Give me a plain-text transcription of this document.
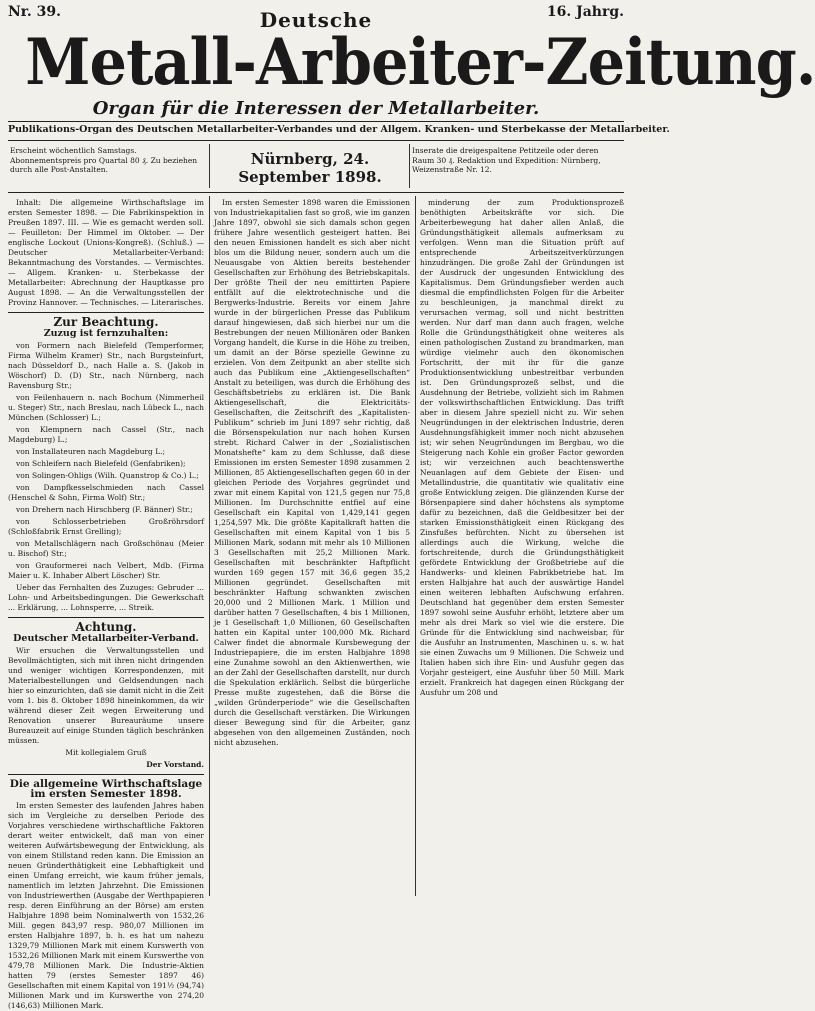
Nr. 39.	Deutsche	16. Jahrg.
Metall-Arbeiter-Zeitung.
Organ für die Interessen der Metallarbeiter.
Publikations-Organ des Deutschen Metallarbeiter-Verbandes und der Allgem. Kranken- und Sterbekasse der Metallarbeiter.
Erscheint wöchentlich Samstags. Abonnementspreis pro Quartal 80 ₰. Zu beziehen durch alle Post-Anstalten.
Nürnberg, 24. September 1898.
Inserate die dreigespaltene Petitzeile oder deren Raum 30 ₰. Redaktion und Expedition: Nürnberg, Weizenstraße Nr. 12.

Inhalt: Die allgemeine Wirthschaftslage im ersten Semester 1898. — Die Fabrikinspektion in Preußen 1897. III. — Wie es gemacht werden soll. — Feuilleton: Der Himmel im Oktober. — Der englische Lockout (Unions-Kongreß). (Schluß.) — Deutscher Metallarbeiter-Verband: Bekanntmachung des Vorstandes. — Vermischtes. — Allgem. Kranken- u. Sterbekasse der Metallarbeiter: Abrechnung der Hauptkasse pro August 1898. — An die Verwaltungsstellen der Provinz Hannover. — Technisches. — Literarisches.

Zur Beachtung.
Zuzug ist fernzuhalten:

von Formern nach Bielefeld (Temperformer, Firma Wilhelm Kramer) Str., nach Burgsteinfurt, nach Düsseldorf D., nach Halle a. S. (Jakob in Wöschorf) D. (D) Str., nach Nürnberg, nach Ravensburg Str.;

von Feilenhauern n. nach Bochum (Nimmerheil u. Steger) Str., nach Breslau, nach Lübeck L., nach München (Schlosser) L.;

von Klempnern nach Cassel (Str., nach Magdeburg) L.;

von Installateuren nach Magdeburg L.;

von Schleifern nach Bielefeld (Genfabriken);

von Solingen-Ohligs (Wilh. Quanstrop & Co.) L.;

von Dampfkesselschmieden nach Cassel (Henschel & Sohn, Firma Wolf) Str.;

von Drehern nach Hirschberg (F. Bänner) Str.;

von Schlosserbetrieben Großröhrsdorf (Schloßfabrik Ernst Grelling);

von Metallschlägern nach Großschönau (Meier u. Bischof) Str.;

von Grauformerei nach Velbert, Mdb. (Firma Maier u. K. Inhaber Albert Löscher) Str.

Ueber das Fernhalten des Zuzuges: Gebruder ... Lohn- und Arbeitsbedingungen. Die Gewerkschaft ... Erklärung, ... Lohnsperre, ... Streik.

Achtung.
Deutscher Metallarbeiter-Verband.

Wir ersuchen die Verwaltungsstellen und Bevollmächtigten, sich mit ihren nicht dringenden und weniger wichtigen Korrespondenzen, mit Materialbestellungen und Geldsendungen nach hier so einzurichten, daß sie damit nicht in die Zeit vom 1. bis 8. Oktober 1898 hineinkommen, da wir während dieser Zeit wegen Erweiterung und Renovation unserer Bureauräume unsere Bureauzeit auf einige Stunden täglich beschränken müssen.

Mit kollegialem Gruß

Der Vorstand.
Die allgemeine Wirthschaftslage im ersten Semester 1898.

Im ersten Semester des laufenden Jahres haben sich im Vergleiche zu derselben Periode des Vorjahres verschiedene wirthschaftliche Faktoren derart weiter entwickelt, daß man von einer weiteren Aufwärtsbewegung der Entwicklung, als von einem Stillstand reden kann. Die Emission an neuen Gründerthätigkeit eine Lebhaftigkeit und einen Umfang erreicht, wie kaum früher jemals, namentlich im letzten Jahrzehnt. Die Emissionen von Industriewerthen (Ausgabe der Werthpapieren resp. deren Einführung an der Börse) am ersten Halbjahre 1898 beim Nominalwerth von 1532,26 Mill. gegen 843,97 resp. 980,07 Millionen im ersten Halbjahre 1897, b. h. es hat um nahezu 1329,79 Millionen Mark mit einem Kurswerth von 1532,26 Millionen Mark mit einem Kurswerthe von 479,78 Millionen Mark. Die Industrie-Aktien hatten 79 (erstes Semester 1897 46) Gesellschaften mit einem Kapital von 191½ (94,74) Millionen Mark und im Kurswerthe von 274,20 (146,63) Millionen Mark.

Im ersten Semester 1898 waren die Emissionen von Industriekapitalien fast so groß, wie im ganzen Jahre 1897, obwohl sie sich damals schon gegen frühere Jahre wesentlich gesteigert hatten. Bei den neuen Emissionen handelt es sich aber nicht blos um die Bildung neuer, sondern auch um die Neuausgabe von Aktien bereits bestehender Gesellschaften zur Erhöhung des Betriebskapitals. Der größte Theil der neu emittirten Papiere entfällt auf die elektrotechnische und die Bergwerks-Industrie. Bereits vor einem Jahre wurde in der bürgerlichen Presse das Publikum darauf hingewiesen, daß sich hierbei nur um die Bestrebungen der neuen Millionären oder Banken Vorgang handelt, die Kurse in die Höhe zu treiben, um damit an der Börse spezielle Gewinne zu erzielen. Von dem Zeitpunkt an aber stellte sich auch das Publikum eine „Aktiengesellschaften“ Anstalt zu beteiligen, was durch die Erhöhung des Geschäftsbetriebs zu erklären ist. Die Bank Aktiengesellschaft, die Elektricitäts-Gesellschaften, die Zeitschrift des „Kapitalisten-Publikum“ schrieb im Juni 1897 sehr richtig, daß die Börsenspekulation nur nach hohen Kursen strebt. Richard Calwer in der „Sozialistischen Monatshefte“ kam zu dem Schlusse, daß diese Emissionen im ersten Semester 1898 zusammen 2 Millionen, 85 Aktiengesellschaften gegen 60 in der gleichen Periode des Vorjahres gegründet und zwar mit einem Kapital von 121,5 gegen nur 75,8 Millionen. Im Durchschnitte entfiel auf eine Gesellschaft ein Kapital von 1,429,141 gegen 1,254,597 Mk. Die größte Kapitalkraft hatten die Gesellschaften mit einem Kapital von 1 bis 5 Millionen Mark, sodann mit mehr als 10 Millionen 3 Gesellschaften mit 25,2 Millionen Mark. Gesellschaften mit beschränkter Haftpflicht wurden 169 gegen 157 mit 36,6 gegen 35,2 Millionen gegründet. Gesellschaften mit beschränkter Haftung schwankten zwischen 20,000 und 2 Millionen Mark. 1 Million und darüber hatten 7 Gesellschaften, 4 bis 1 Millionen, je 1 Gesellschaft 1,0 Millionen, 60 Gesellschaften hatten ein Kapital unter 100,000 Mk. Richard Calwer findet die abnormale Kursbewegung der Industriepapiere, die im ersten Halbjahre 1898 eine Zunahme sowohl an den Aktienwerthen, wie an der Zahl der Gesellschaften darstellt, nur durch die Spekulation erklärlich. Selbst die bürgerliche Presse mußte zugestehen, daß die Börse die „wilden Gründerperiode“ wie die Gesellschaften durch die Gesellschaft verstärken. Die Wirkungen dieser Bewegung sind für die Arbeiter, ganz abgesehen von den allgemeinen Zuständen, noch nicht abzusehen.

minderung der zum Produktionsprozeß benöthigten Arbeitskräfte vor sich. Die Arbeiterbewegung hat daher allen Anlaß, die Gründungsthätigkeit allemals aufmerksam zu verfolgen. Wenn man die Situation prüft auf entsprechende Arbeitszeitverkürzungen hinzudrängen. Die große Zahl der Gründungen ist der Ausdruck der ungesunden Entwicklung des Kapitalismus. Dem Gründungsfieber werden auch diesmal die empfindlichsten Folgen für die Arbeiter zu beschleunigen, ja manchmal direkt zu verursachen vermag, soll und nicht bestritten werden. Nur darf man dann auch fragen, welche Rolle die Gründungsthätigkeit ohne weiteres als einen pathologischen Zustand zu brandmarken, man würdige vielmehr auch den ökonomischen Fortschritt, der mit ihr für die ganze Produktionsentwicklung unbestreitbar verbunden ist. Den Gründungsprozeß selbst, und die Ausdehnung der Betriebe, vollzieht sich im Rahmen der volkswirthschaftlichen Entwicklung. Das trifft aber in diesem Jahre speziell nicht zu. Wir sehen Neugründungen in der elektrischen Industrie, deren Ausdehnungsfähigkeit immer noch nicht abzusehen ist; wir sehen Neugründungen im Bergbau, wo die Steigerung nach Kohle ein großer Factor geworden ist; wir verzeichnen auch beachtenswerthe Neuanlagen auf dem Gebiete der Eisen- und Metallindustrie, die quantitativ wie qualitativ eine große Entwicklung zeigen. Die glänzenden Kurse der Börsenpapiere sind daher höchstens als symptome dafür zu bezeichnen, daß die Geldbesitzer bei der starken Emissionsthätigkeit einen Rückgang des Zinsfußes befürchten. Nicht zu übersehen ist allerdings auch die Wirkung, welche die fortschreitende, durch die Gründungsthätigkeit gefördete Entwicklung der Großbetriebe auf die Handwerks- und kleinen Fabrikbetriebe hat. Im ersten Halbjahre hat auch der auswärtige Handel einen weiteren lebhaften Aufschwung erfahren. Deutschland hat gegenüber dem ersten Semester 1897 sowohl seine Ausfuhr erhöht, letztere aber um mehr als drei Mark so viel wie die erstere. Die Gründe für die Entwicklung sind nachweisbar, für die Ausfuhr an Instrumenten, Maschinen u. s. w. hat sie einen Zuwachs um 9 Millionen. Die Schweiz und Italien haben sich ihre Ein- und Ausfuhr gegen das Vorjahr gesteigert, eine Ausfuhr über 50 Mill. Mark erzielt. Frankreich hat dagegen einen Rückgang der Ausfuhr um 208 und
